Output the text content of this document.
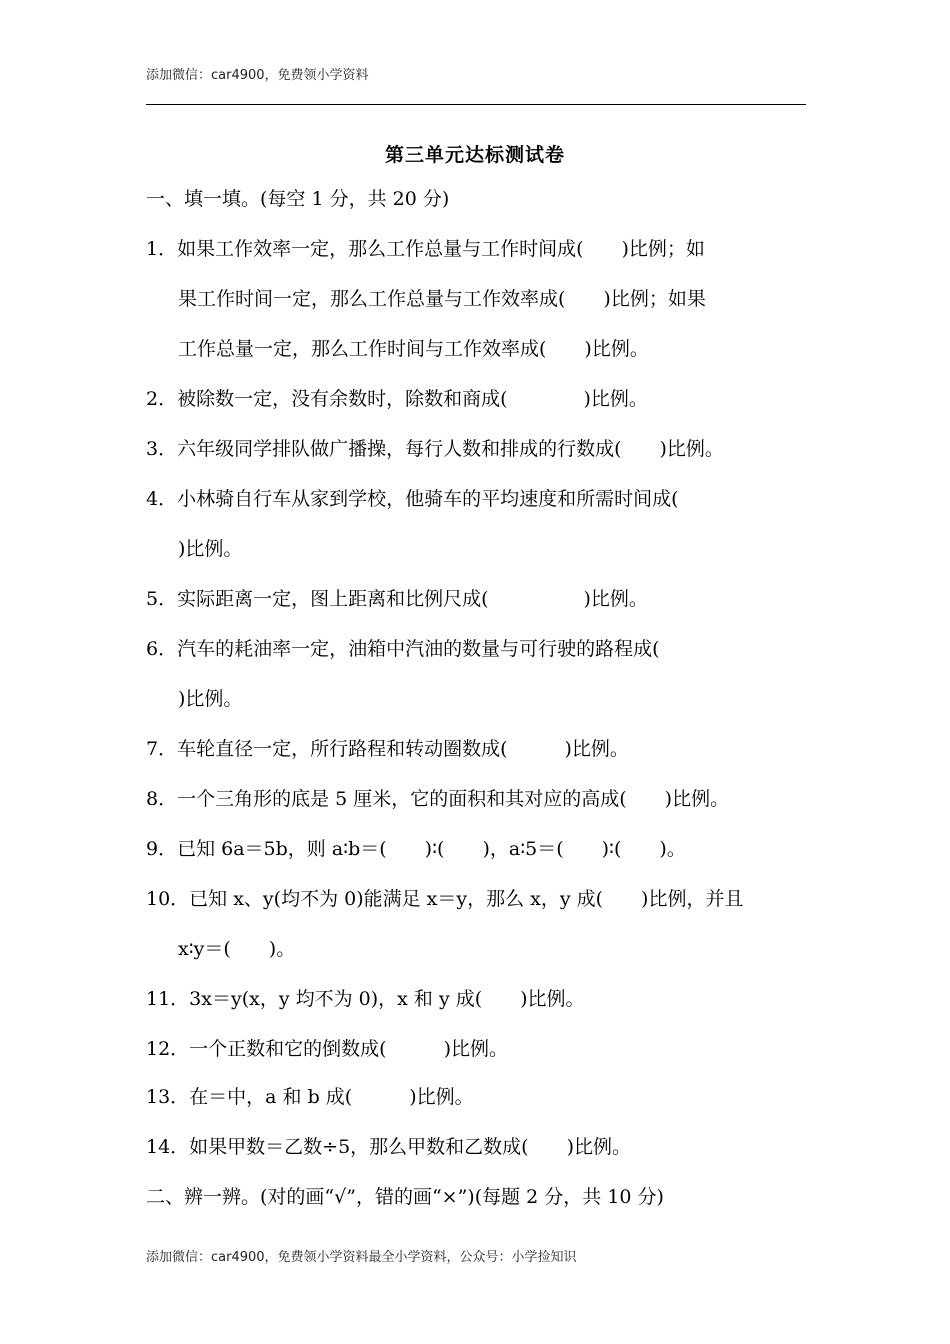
添加微信：car4900，免费领小学资料
第三单元达标测试卷
一、填一填。(每空 1 分，共 20 分)
1．如果工作效率一定，那么工作总量与工作时间成(　　)比例；如
果工作时间一定，那么工作总量与工作效率成(　　)比例；如果
工作总量一定，那么工作时间与工作效率成(　　)比例。
2．被除数一定，没有余数时，除数和商成(　　　　)比例。
3．六年级同学排队做广播操，每行人数和排成的行数成(　　)比例。
4．小林骑自行车从家到学校，他骑车的平均速度和所需时间成(
)比例。
5．实际距离一定，图上距离和比例尺成(　　　　　)比例。
6．汽车的耗油率一定，油箱中汽油的数量与可行驶的路程成(
)比例。
7．车轮直径一定，所行路程和转动圈数成(　　　)比例。
8．一个三角形的底是 5 厘米，它的面积和其对应的高成(　　)比例。
9．已知 6a＝5b，则 a∶b＝(　　)∶(　　)，a∶5＝(　　)∶(　　)。
10．已知 x、y(均不为 0)能满足 x＝y，那么 x，y 成(　　)比例，并且
x∶y＝(　　)。
11．3x＝y(x，y 均不为 0)，x 和 y 成(　　)比例。
12．一个正数和它的倒数成(　　　)比例。
13．在＝中，a 和 b 成(　　　)比例。
14．如果甲数＝乙数÷5，那么甲数和乙数成(　　)比例。
二、辨一辨。(对的画“√”，错的画“×”)(每题 2 分，共 10 分)
添加微信：car4900，免费领小学资料最全小学资料，公众号：小学捡知识
